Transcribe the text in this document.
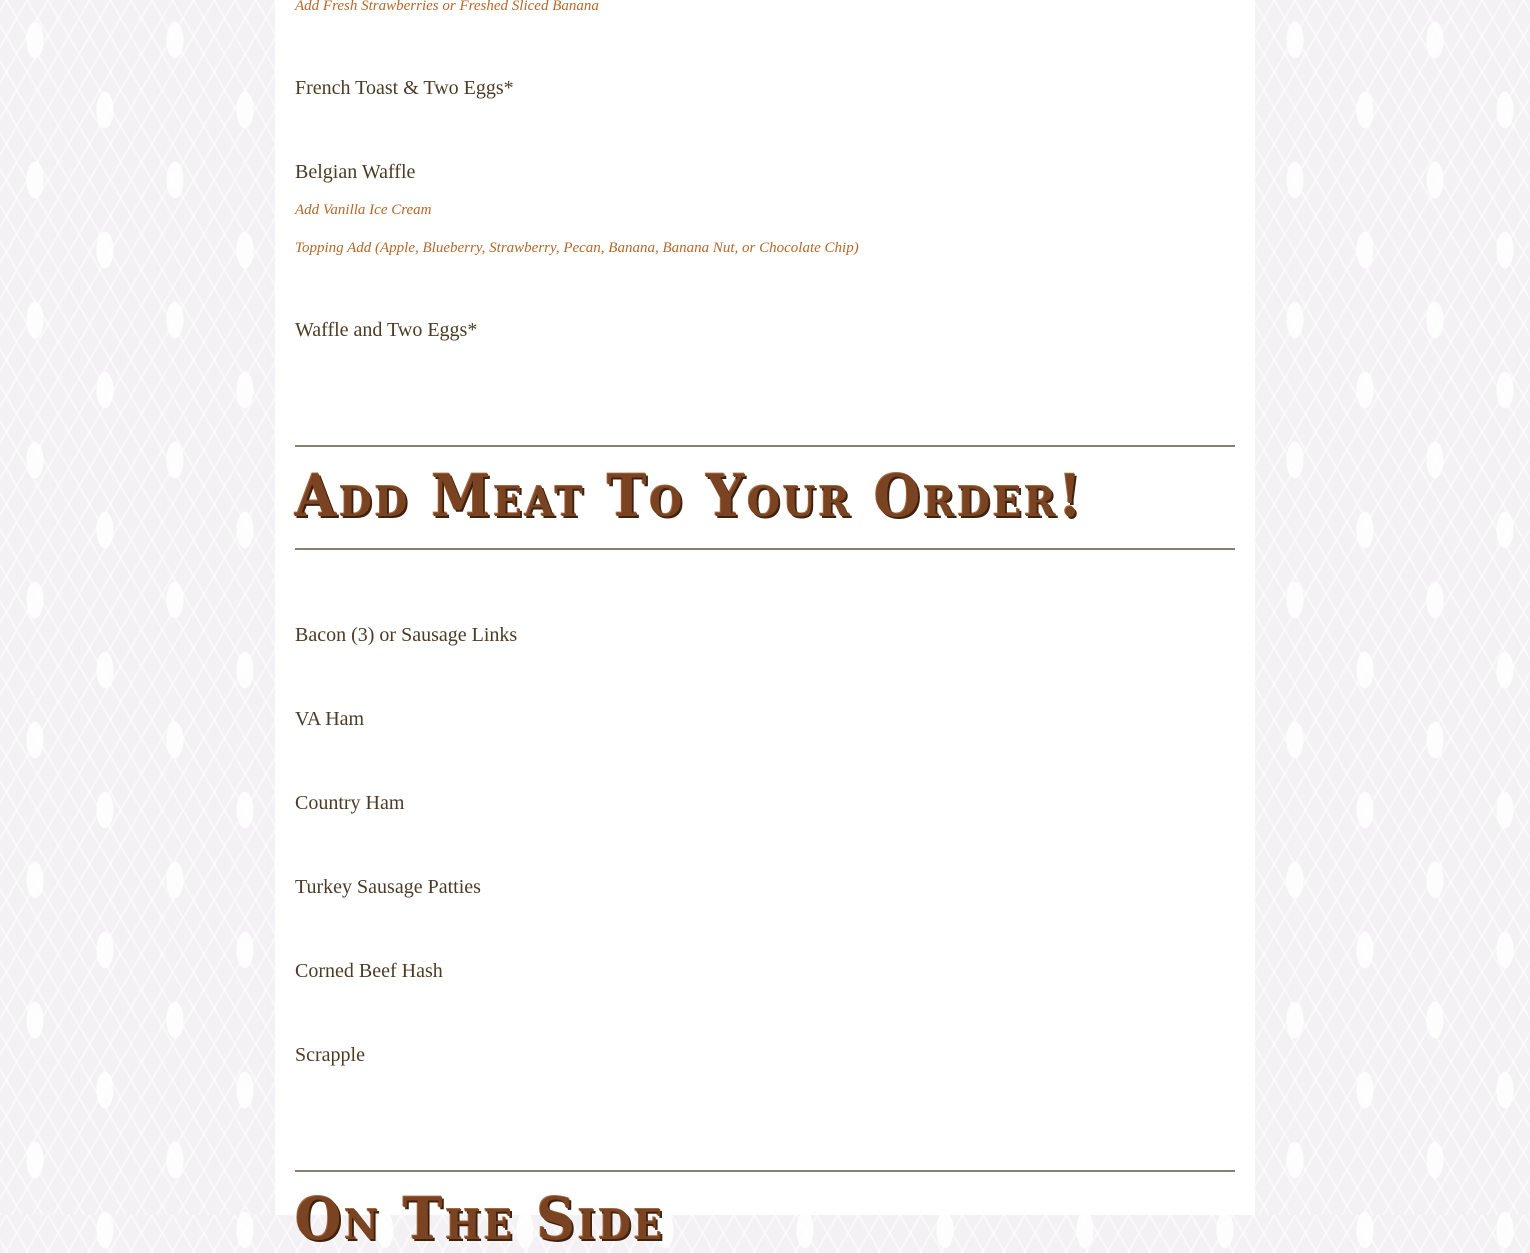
Add Fresh Strawberries or Freshed Sliced Banana
French Toast & Two Eggs*
Belgian Waffle
Add Vanilla Ice Cream
Topping Add (Apple, Blueberry, Strawberry, Pecan, Banana, Banana Nut, or Chocolate Chip)
Waffle and Two Eggs*
Add Meat To Your Order!
Bacon (3) or Sausage Links
VA Ham
Country Ham
Turkey Sausage Patties
Corned Beef Hash
Scrapple
On The Side
